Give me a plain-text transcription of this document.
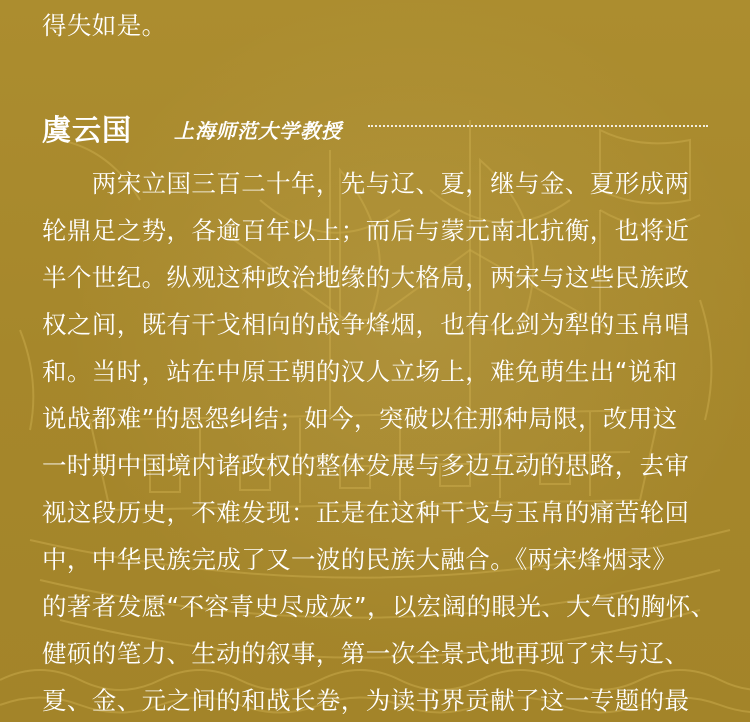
得失如是。
虞云国 上海师范大学教授
　　两宋立国三百二十年，先与辽、夏，继与金、夏形成两
轮鼎足之势，各逾百年以上；而后与蒙元南北抗衡，也将近
半个世纪。纵观这种政治地缘的大格局，两宋与这些民族政
权之间，既有干戈相向的战争烽烟，也有化剑为犁的玉帛唱
和。当时，站在中原王朝的汉人立场上，难免萌生出“说和
说战都难”的恩怨纠结；如今，突破以往那种局限，改用这
一时期中国境内诸政权的整体发展与多边互动的思路，去审
视这段历史，不难发现：正是在这种干戈与玉帛的痛苦轮回
中，中华民族完成了又一波的民族大融合。《两宋烽烟录》
的著者发愿“不容青史尽成灰”，以宏阔的眼光、大气的胸怀、
健硕的笔力、生动的叙事，第一次全景式地再现了宋与辽、
夏、金、元之间的和战长卷，为读书界贡献了这一专题的最
